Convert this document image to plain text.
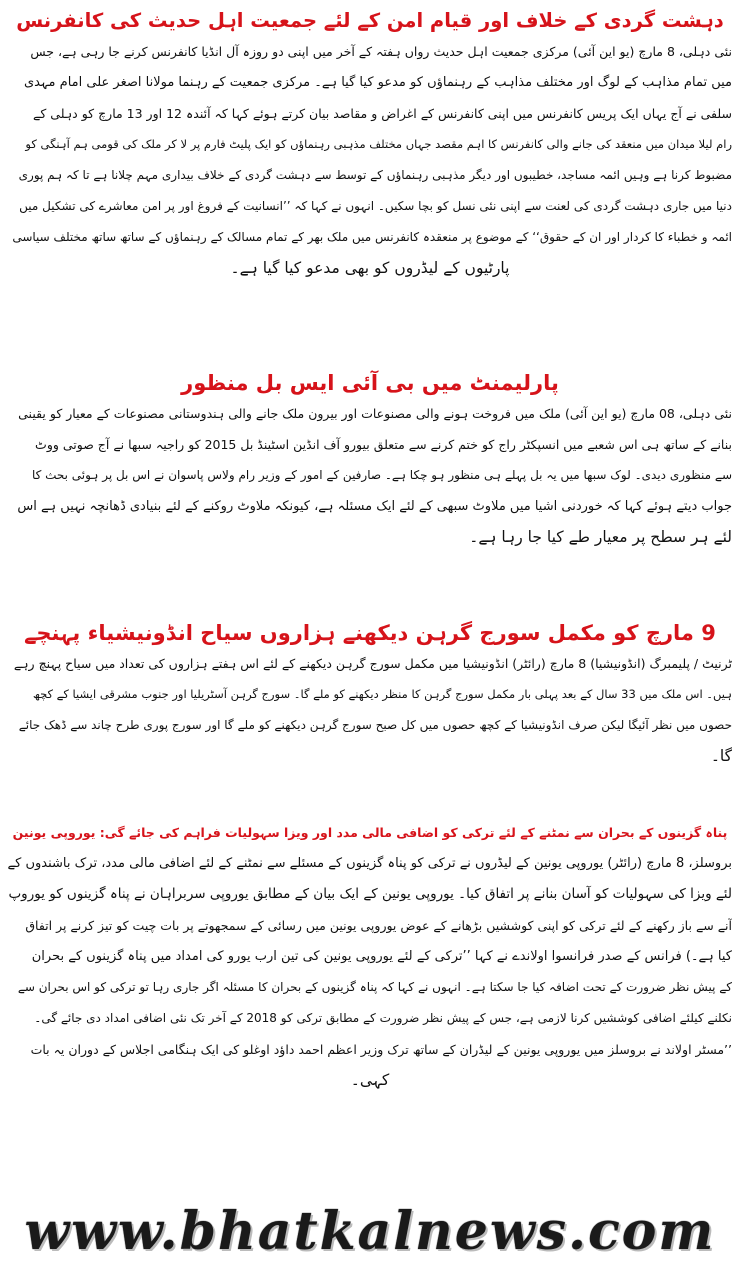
دہشت گردی کے خلاف اور قیام امن کے لئے جمعیت اہل حدیث کی کانفرنس
نئی دہلی، 8 مارچ (یو این آئی) مرکزی جمعیت اہل حدیث رواں ہفتہ کے آخر میں اپنی دو روزہ آل انڈیا کانفرنس کرنے جا رہی ہے، جس
میں تمام مذاہب کے لوگ اور مختلف مذاہب کے رہنماؤں کو مدعو کیا گیا ہے۔ مرکزی جمعیت کے رہنما مولانا اصغر علی امام مہدی
سلفی نے آج یہاں ایک پریس کانفرنس میں اپنی کانفرنس کے اغراض و مقاصد بیان کرتے ہوئے کہا کہ آئندہ 12 اور 13 مارچ کو دہلی کے
رام لیلا میدان میں منعقد کی جانے والی کانفرنس کا اہم مقصد جہاں مختلف مذہبی رہنماؤں کو ایک پلیٹ فارم پر لا کر ملک کی قومی ہم آہنگی کو
مضبوط کرنا ہے وہیں ائمہ مساجد، خطیبوں اور دیگر مذہبی رہنماؤں کے توسط سے دہشت گردی کے خلاف بیداری مہم چلانا ہے تا کہ ہم پوری
دنیا میں جاری دہشت گردی کی لعنت سے اپنی نئی نسل کو بچا سکیں۔ انہوں نے کہا کہ ’’انسانیت کے فروغ اور پر امن معاشرے کی تشکیل میں
ائمہ و خطباء کا کردار اور ان کے حقوق‘‘ کے موضوع پر منعقدہ کانفرنس میں ملک بھر کے تمام مسالک کے رہنماؤں کے ساتھ ساتھ مختلف سیاسی
پارٹیوں کے لیڈروں کو بھی مدعو کیا گیا ہے۔
پارلیمنٹ میں بی آئی ایس بل منظور
نئی دہلی، 08 مارچ (یو این آئی) ملک میں فروخت ہونے والی مصنوعات اور بیرون ملک جانے والی ہندوستانی مصنوعات کے معیار کو یقینی
بنانے کے ساتھ ہی اس شعبے میں انسپکٹر راج کو ختم کرنے سے متعلق بیورو آف انڈین اسٹینڈ بل 2015 کو راجیہ سبھا نے آج صوتی ووٹ
سے منظوری دیدی۔ لوک سبھا میں یہ بل پہلے ہی منظور ہو چکا ہے۔ صارفین کے امور کے وزیر رام ولاس پاسوان نے اس بل پر ہوئی بحث کا
جواب دیتے ہوئے کہا کہ خوردنی اشیا میں ملاوٹ سبھی کے لئے ایک مسئلہ ہے، کیونکہ ملاوٹ روکنے کے لئے بنیادی ڈھانچہ نہیں ہے اس
لئے ہر سطح پر معیار طے کیا جا رہا ہے۔
9 مارچ کو مکمل سورج گرہن دیکھنے ہزاروں سیاح انڈونیشیاء پہنچے
ٹرنیٹ / پلیمبرگ (انڈونیشیا) 8 مارچ (رائٹر) انڈونیشیا میں مکمل سورج گرہن دیکھنے کے لئے اس ہفتے ہزاروں کی تعداد میں سیاح پہنچ رہے
ہیں۔ اس ملک میں 33 سال کے بعد پہلی بار مکمل سورج گرہن کا منظر دیکھنے کو ملے گا۔ سورج گرہن آسٹریلیا اور جنوب مشرقی ایشیا کے کچھ
حصوں میں نظر آئیگا لیکن صرف انڈونیشیا کے کچھ حصوں میں کل صبح سورج گرہن دیکھنے کو ملے گا اور سورج پوری طرح چاند سے ڈھک جائے
گا۔
پناہ گزینوں کے بحران سے نمٹنے کے لئے ترکی کو اضافی مالی مدد اور ویزا سہولیات فراہم کی جائے گی: یوروپی یونین
بروسلز، 8 مارچ (رائٹر) یوروپی یونین کے لیڈروں نے ترکی کو پناہ گزینوں کے مسئلے سے نمٹنے کے لئے اضافی مالی مدد، ترک باشندوں کے
لئے ویزا کی سہولیات کو آسان بنانے پر اتفاق کیا۔ یوروپی یونین کے ایک بیان کے مطابق یوروپی سربراہان نے پناہ گزینوں کو یوروپ
آنے سے باز رکھنے کے لئے ترکی کو اپنی کوششیں بڑھانے کے عوض یوروپی یونین میں رسائی کے سمجھوتے پر بات چیت کو تیز کرنے پر اتفاق
کیا ہے۔) فرانس کے صدر فرانسوا اولاندے نے کہا ’’ترکی کے لئے یوروپی یونین کی تین ارب یورو کی امداد میں پناہ گزینوں کے بحران
کے پیش نظر ضرورت کے تحت اضافہ کیا جا سکتا ہے۔ انہوں نے کہا کہ پناہ گزینوں کے بحران کا مسئلہ اگر جاری رہا تو ترکی کو اس بحران سے
نکلنے کیلئے اضافی کوششیں کرنا لازمی ہے، جس کے پیش نظر ضرورت کے مطابق ترکی کو 2018 کے آخر تک نئی اضافی امداد دی جائے گی۔
’’مسٹر اولاند نے بروسلز میں یوروپی یونین کے لیڈران کے ساتھ ترک وزیر اعظم احمد داؤد اوغلو کی ایک ہنگامی اجلاس کے دوران یہ بات
کہی۔
www.bhatkalnews.com
